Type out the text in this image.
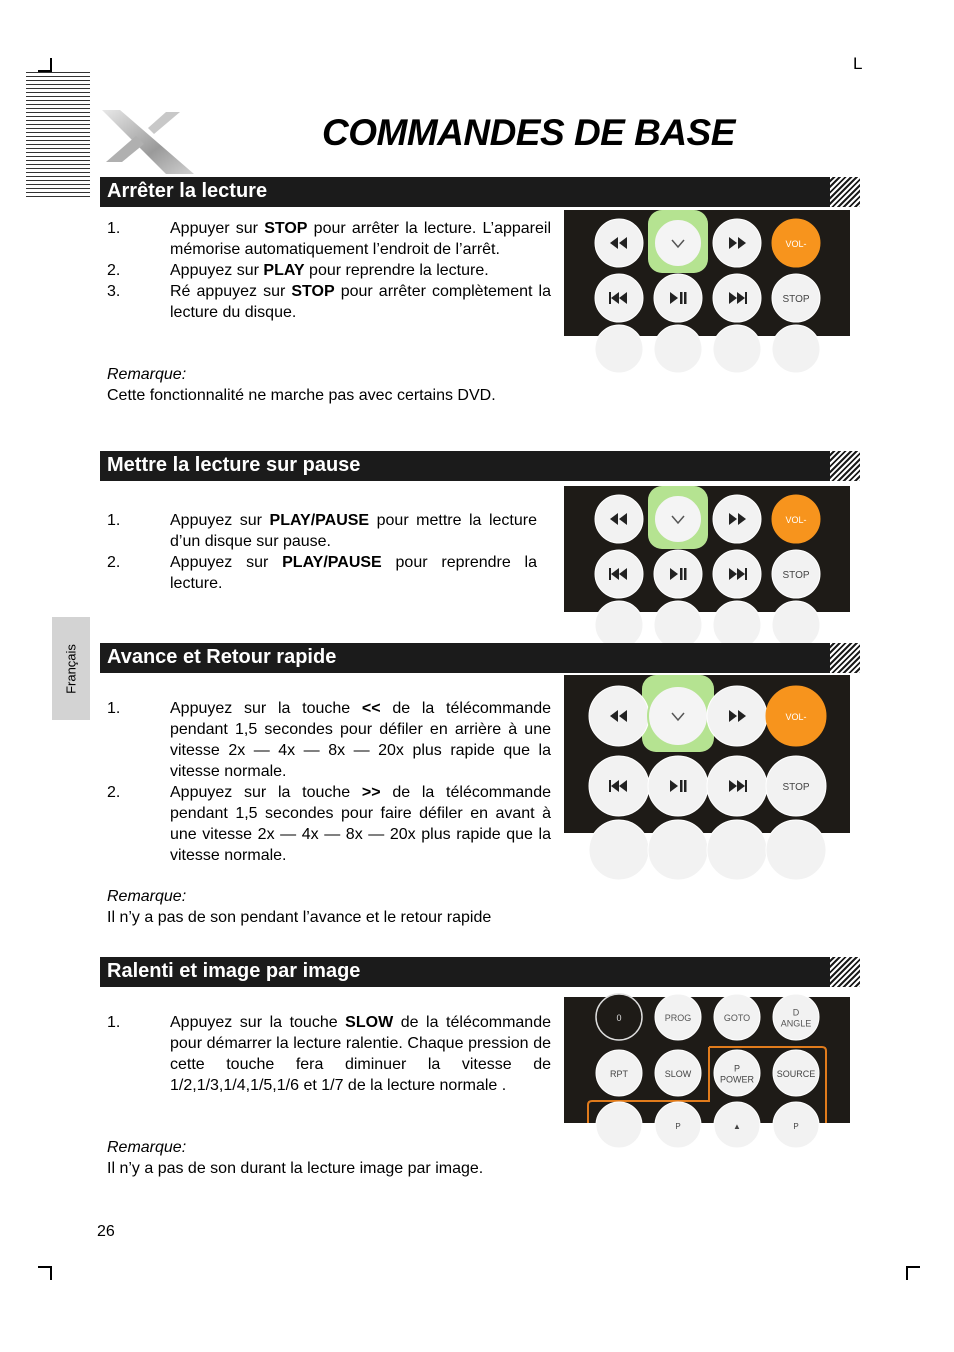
L
COMMANDES DE BASE
Français
Arrêter la lecture
1.	Appuyer sur STOP pour arrêter la lecture. L’appareil mémorise automatiquement l’endroit de l’arrêt.
2.	Appuyez sur PLAY pour reprendre la lecture.
3.	Ré appuyez sur STOP pour arrêter complètement la lecture du disque.
Remarque:
Cette fonctionnalité ne marche pas avec certains DVD.
VOL-
STOP
Mettre la lecture sur pause
1.	Appuyez sur PLAY/PAUSE pour mettre la lecture d’un disque sur pause.
2.	Appuyez sur PLAY/PAUSE pour reprendre la lecture.
VOL-
STOP
Avance et Retour rapide
1.	Appuyez sur la touche << de la télécommande pendant 1,5 secondes pour défiler en arrière à une vitesse 2x — 4x — 8x — 20x plus rapide que la vitesse normale.
2.	Appuyez sur la touche >> de la télécommande pendant 1,5 secondes pour faire défiler en avant à une vitesse 2x — 4x — 8x — 20x plus rapide que la vitesse normale.
Remarque:
Il n’y a pas de son pendant l’avance et le retour rapide
VOL-
STOP
Ralenti et image par image
1.	Appuyez sur la touche SLOW de la télécommande pour démarrer la lecture ralentie. Chaque pression de cette touche fera diminuer la vitesse de 1/2,1/3,1/4,1/5,1/6 et 1/7 de la lecture normale .
Remarque:
Il n’y a pas de son durant la lecture image par image.
0	PROG	GOTO
D
ANGLE
RPT	SLOW
P
POWER
SOURCE
P	▲	P
26
